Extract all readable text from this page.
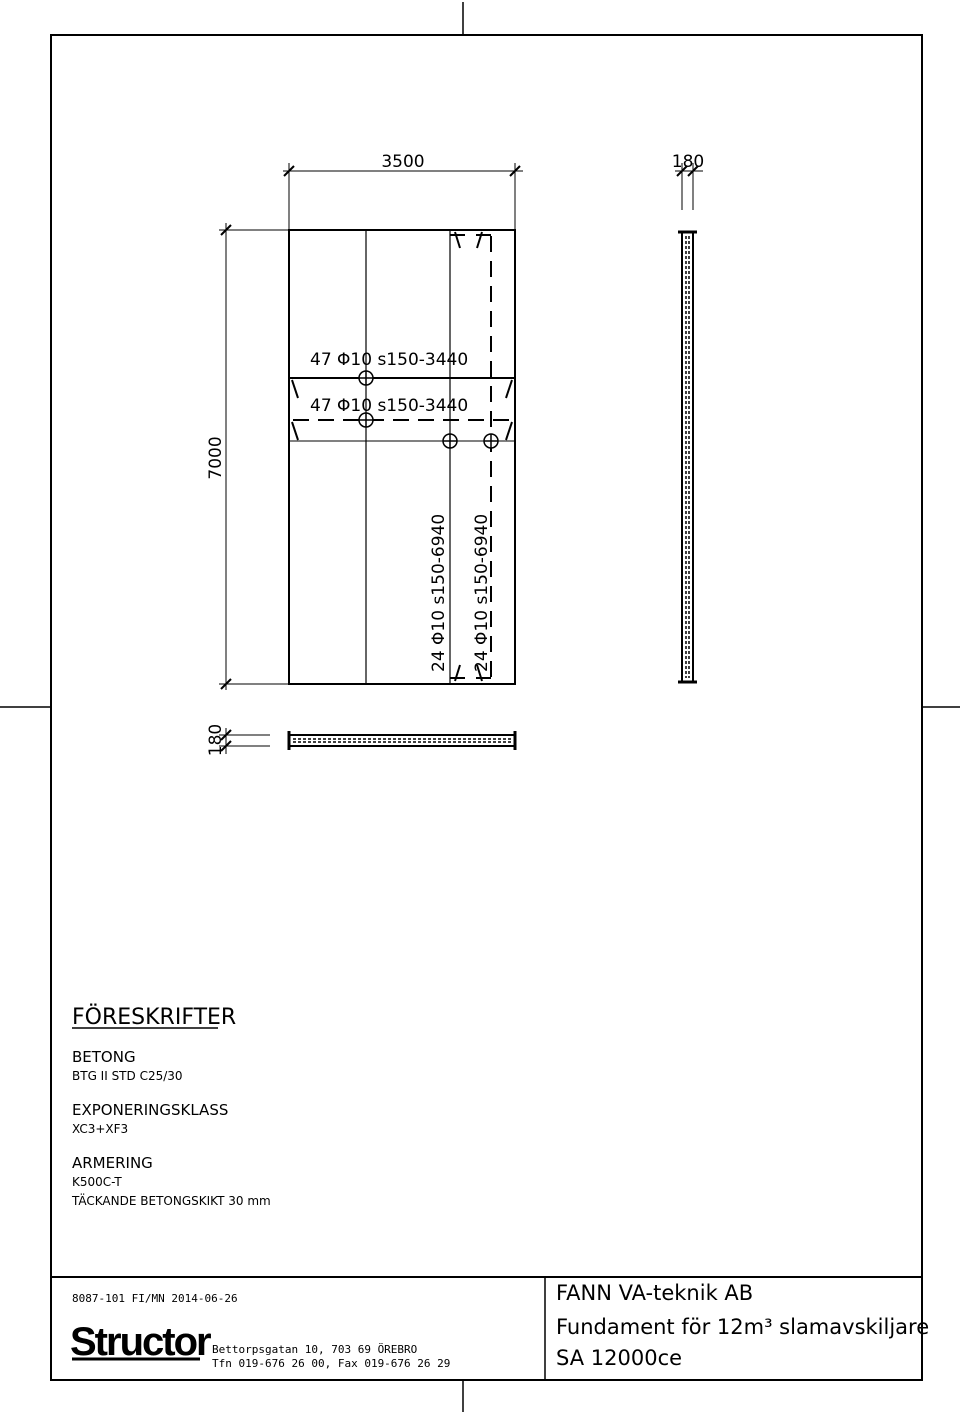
47 Φ10 s150-3440
47 Φ10 s150-3440
24 Φ10 s150-6940 24 Φ10 s150-6940
3500	180
7000
180
FÖRESKRIFTER
BETONG
BTG II STD C25/30
EXPONERINGSKLASS
XC3+XF3
ARMERING
K500C-T
TÄCKANDE BETONGSKIKT 30 mm
8087-101 FI/MN 2014-06-26
Structor Bettorpsgatan 10, 703 69 ÖREBRO
Tfn 019-676 26 00, Fax 019-676 26 29
FANN VA-teknik AB
Fundament för 12m³ slamavskiljare
SA 12000ce
